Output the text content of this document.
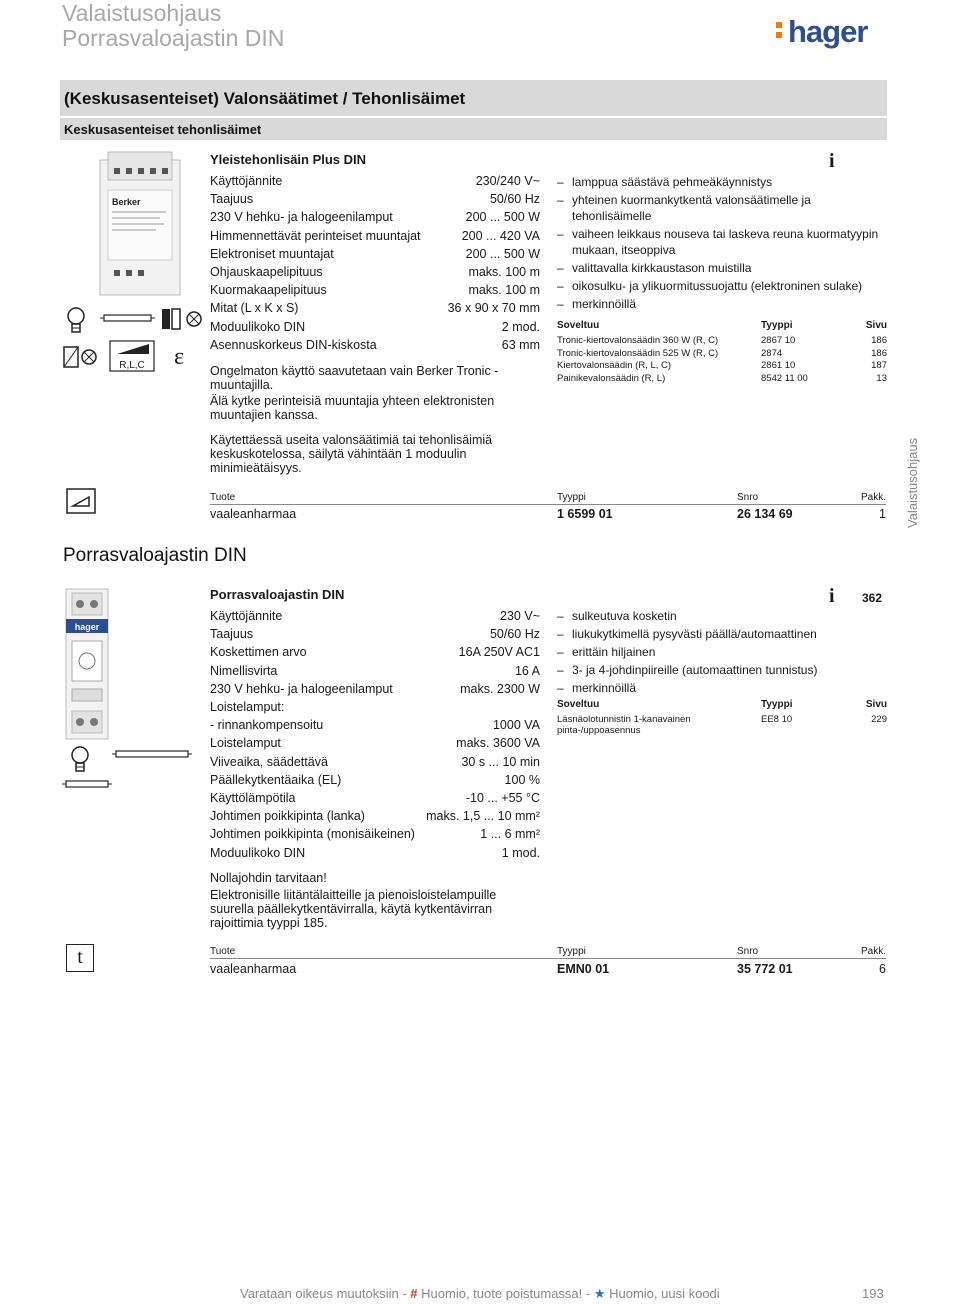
Valaistusohjaus
Porrasvaloajastin DIN	hager
(Keskusasenteiset) Valonsäätimet / Tehonlisäimet
Keskusasenteiset tehonlisäimet
Berker
R,L,C ε
Yleistehonlisäin Plus DIN
Käyttöjännite	230/240 V~
Taajuus	50/60 Hz
230 V hehku- ja halogeenilamput	200 ... 500 W
Himmennettävät perinteiset muuntajat	200 ... 420 VA
Elektroniset muuntajat	200 ... 500 W
Ohjauskaapelipituus	maks. 100 m
Kuormakaapelipituus	maks. 100 m
Mitat (L x K x S)	36 x 90 x 70 mm
Moduulikoko DIN	2 mod.
Asennuskorkeus DIN-kiskosta	63 mm
Ongelmaton käyttö saavutetaan vain Berker Tronic -muuntajilla.
Älä kytke perinteisiä muuntajia yhteen elektronisten muuntajien kanssa.
Käytettäessä useita valonsäätimiä tai tehonlisäimiä keskuskotelossa, säilytä vähintään 1 moduulin minimieätäisyys.
i
– lamppua säästävä pehmeäkäynnistys
– yhteinen kuormankytkentä valonsäätimelle ja tehonlisäimelle
– vaiheen leikkaus nouseva tai laskeva reuna kuormatyypin mukaan, itseoppiva
– valittavalla kirkkaustason muistilla
– oikosulku- ja ylikuormitussuojattu (elektroninen sulake)
– merkinnöillä
Soveltuu	Tyyppi	Sivu
Tronic-kiertovalonsäädin 360 W (R, C)	2867 10	186
Tronic-kiertovalonsäädin 525 W (R, C)	2874	186
Kiertovalonsäädin (R, L, C)	2861 10	187
Painikevalonsäädin (R, L)	8542 11 00	13
Tuote	Tyyppi	Snro	Pakk.
vaaleanharmaa	1 6599 01	26 134 69	1 Valaistusohjaus
Porrasvaloajastin DIN
hager
Porrasvaloajastin DIN
Käyttöjännite	230 V~
Taajuus	50/60 Hz
Koskettimen arvo	16A 250V AC1
Nimellisvirta	16 A
230 V hehku- ja halogeenilamput	maks. 2300 W
Loistelamput:
- rinnankompensoitu	1000 VA
Loistelamput	maks. 3600 VA
Viiveaika, säädettävä	30 s ... 10 min
Päällekytkentäaika (EL)	100 %
Käyttölämpötila	-10 ... +55 °C
Johtimen poikkipinta (lanka)	maks. 1,5 ... 10 mm²
Johtimen poikkipinta (monisäikeinen)	1 ... 6 mm²
Moduulikoko DIN	1 mod.
Nollajohdin tarvitaan!
Elektronisille liitäntälaitteille ja pienoisloistelampuille suurella päällekytkentävirralla, käytä kytkentävirran rajoittimia tyyppi 185.
i 362
– sulkeutuva kosketin
– liukukytkimellä pysyvästi päällä/automaattinen
– erittäin hiljainen
– 3- ja 4-johdinpiireille (automaattinen tunnistus)
– merkinnöillä
Soveltuu	Tyyppi	Sivu
Läsnäolotunnistin 1-kanavainen pinta-/uppoasennus
EE8 10	229
t	Tuote	Tyyppi	Snro	Pakk.
vaaleanharmaa	EMN0 01	35 772 01	6
Varataan oikeus muutoksiin - # Huomio, tuote poistumassa! - ★ Huomio, uusi koodi	193
